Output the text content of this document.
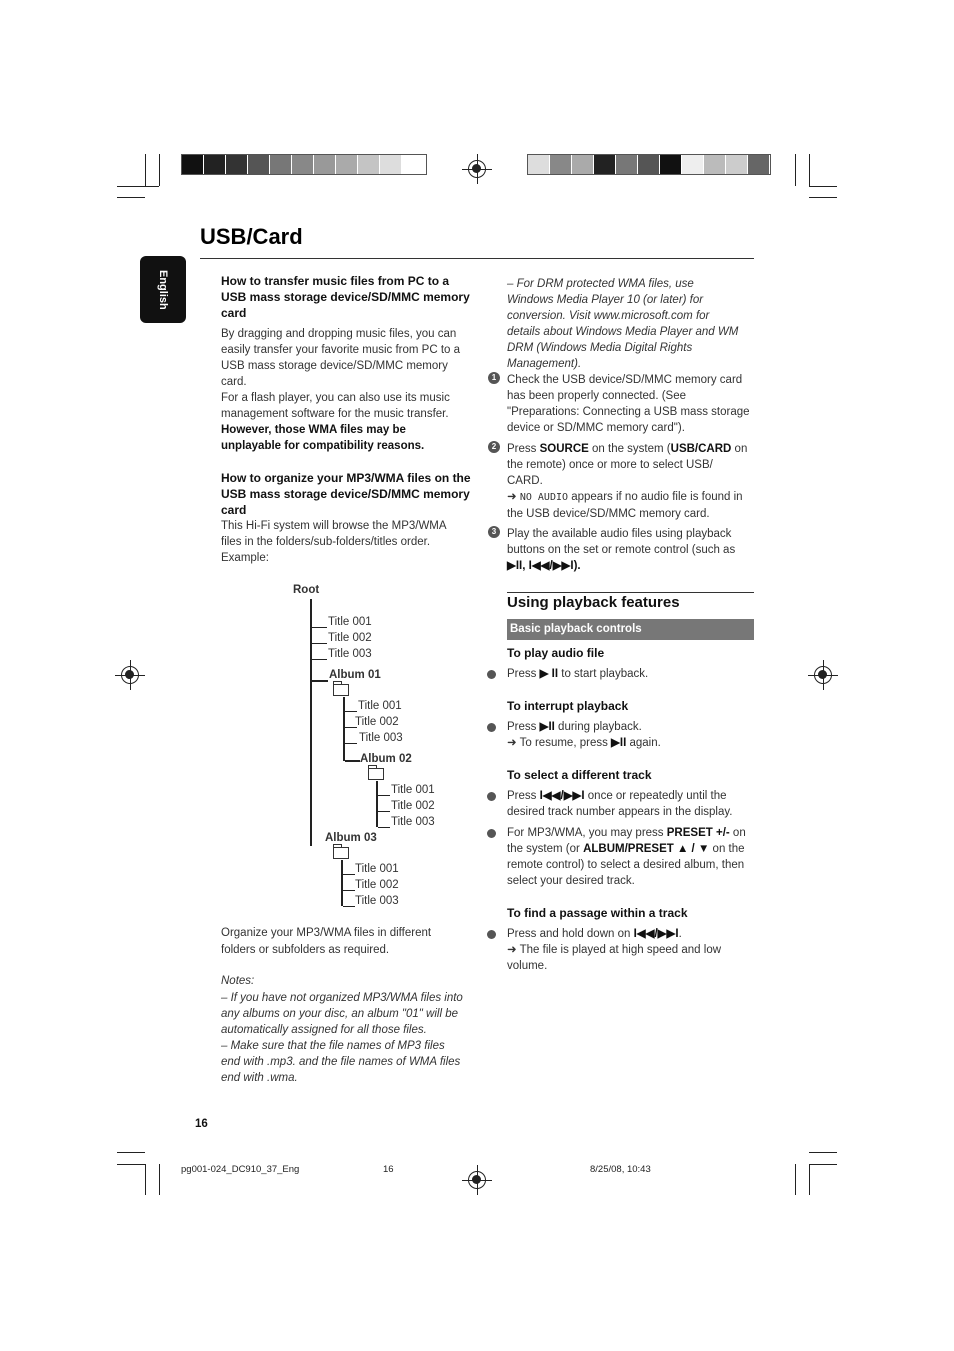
USB/Card
English	How to transfer music files from PC to a USB mass storage device/SD/MMC memory card
By dragging and dropping music files, you can easily transfer your favorite music from PC to a USB mass storage device/SD/MMC memory card.
For a flash player, you can also use its music management software for the music transfer.
However, those WMA files may be unplayable for compatibility reasons.
How to organize your MP3/WMA files on the USB mass storage device/SD/MMC memory card
This Hi-Fi system will browse the MP3/WMA files in the folders/sub-folders/titles order. Example:
Root
Title 001
Title 002
Title 003
Album 01
Title 001
Title 002
Title 003
Album 02
Title 001
Title 002
Title 003
Album 03
Title 001
Title 002
Title 003
Organize your MP3/WMA files in different folders or subfolders as required.
Notes:
– If you have not organized MP3/WMA files into any albums on your disc, an album "01" will be automatically assigned for all those files.
– Make sure that the file names of MP3 files end with .mp3. and the file names of WMA files end with .wma.
16
– For DRM protected WMA files, use Windows Media Player 10 (or later) for conversion. Visit www.microsoft.com for details about Windows Media Player and WM DRM (Windows Media Digital Rights Management).
1 Check the USB device/SD/MMC memory card has been properly connected. (See "Preparations: Connecting a USB mass storage device or SD/MMC memory card").
2 Press SOURCE on the system (USB/CARD on the remote) once or more to select USB/ CARD.
➜ NO AUDIO appears if no audio file is found in the USB device/SD/MMC memory card.
3 Play the available audio files using playback buttons on the set or remote control (such as ▶II, I◀◀/▶▶I).
Using playback features
Basic playback controls
To play audio file
Press ▶ II to start playback.
To interrupt playback
Press ▶II during playback.
➜ To resume, press ▶II again.
To select a different track
Press I◀◀/▶▶I once or repeatedly until the desired track number appears in the display.
For MP3/WMA, you may press PRESET +/- on the system (or ALBUM/PRESET ▲ / ▼ on the remote control) to select a desired album, then select your desired track.
To find a passage within a track
Press and hold down on I◀◀/▶▶I.
➜ The file is played at high speed and low volume.
pg001-024_DC910_37_Eng	16	8/25/08, 10:43
